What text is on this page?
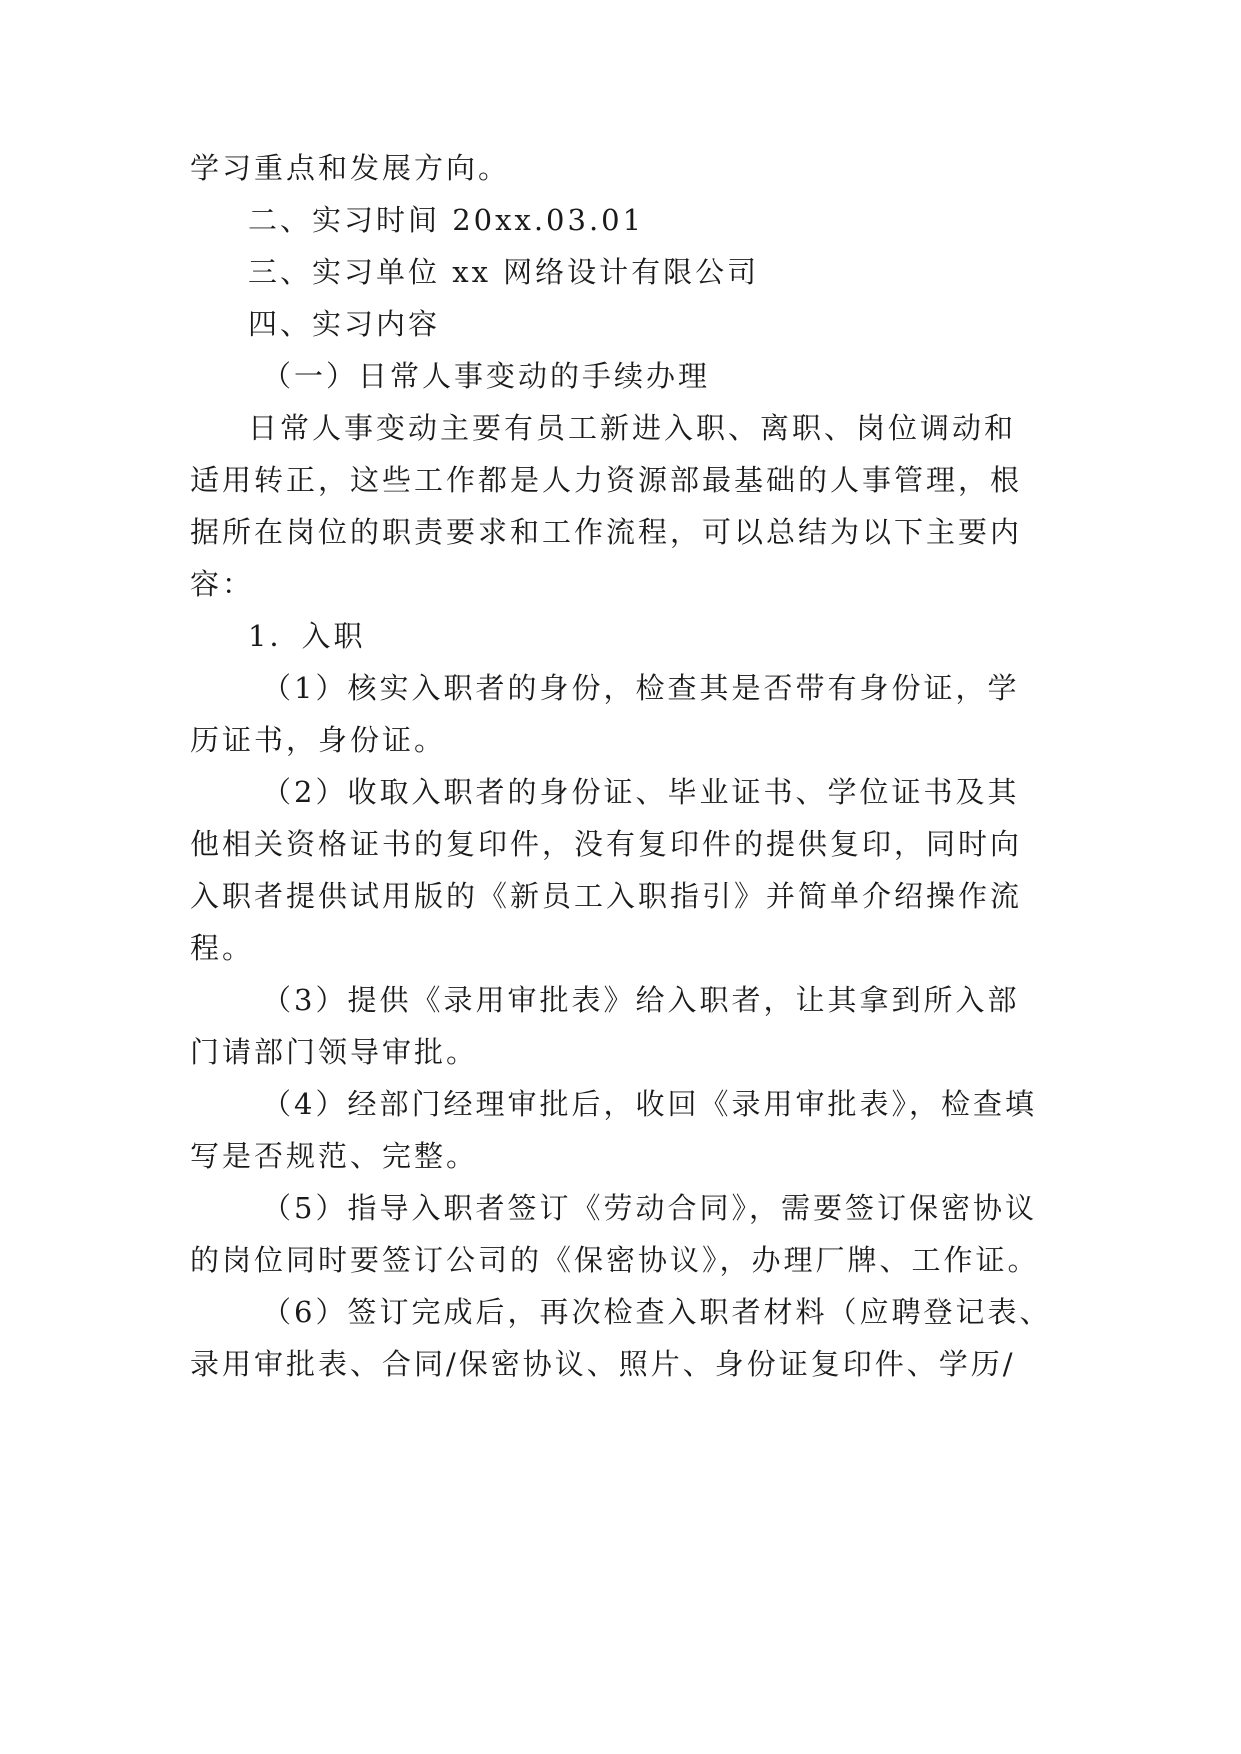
学习重点和发展方向。
二、实习时间 20xx.03.01
三、实习单位 xx 网络设计有限公司
四、实习内容
（一）日常人事变动的手续办理
日常人事变动主要有员工新进入职、离职、岗位调动和
适用转正，这些工作都是人力资源部最基础的人事管理，根
据所在岗位的职责要求和工作流程，可以总结为以下主要内
容：
1．入职
（1）核实入职者的身份，检查其是否带有身份证，学
历证书，身份证。
（2）收取入职者的身份证、毕业证书、学位证书及其
他相关资格证书的复印件，没有复印件的提供复印，同时向
入职者提供试用版的《新员工入职指引》并简单介绍操作流
程。
（3）提供《录用审批表》给入职者，让其拿到所入部
门请部门领导审批。
（4）经部门经理审批后，收回《录用审批表》，检查填
写是否规范、完整。
（5）指导入职者签订《劳动合同》，需要签订保密协议
的岗位同时要签订公司的《保密协议》，办理厂牌、工作证。
（6）签订完成后，再次检查入职者材料（应聘登记表、
录用审批表、合同/保密协议、照片、身份证复印件、学历/
